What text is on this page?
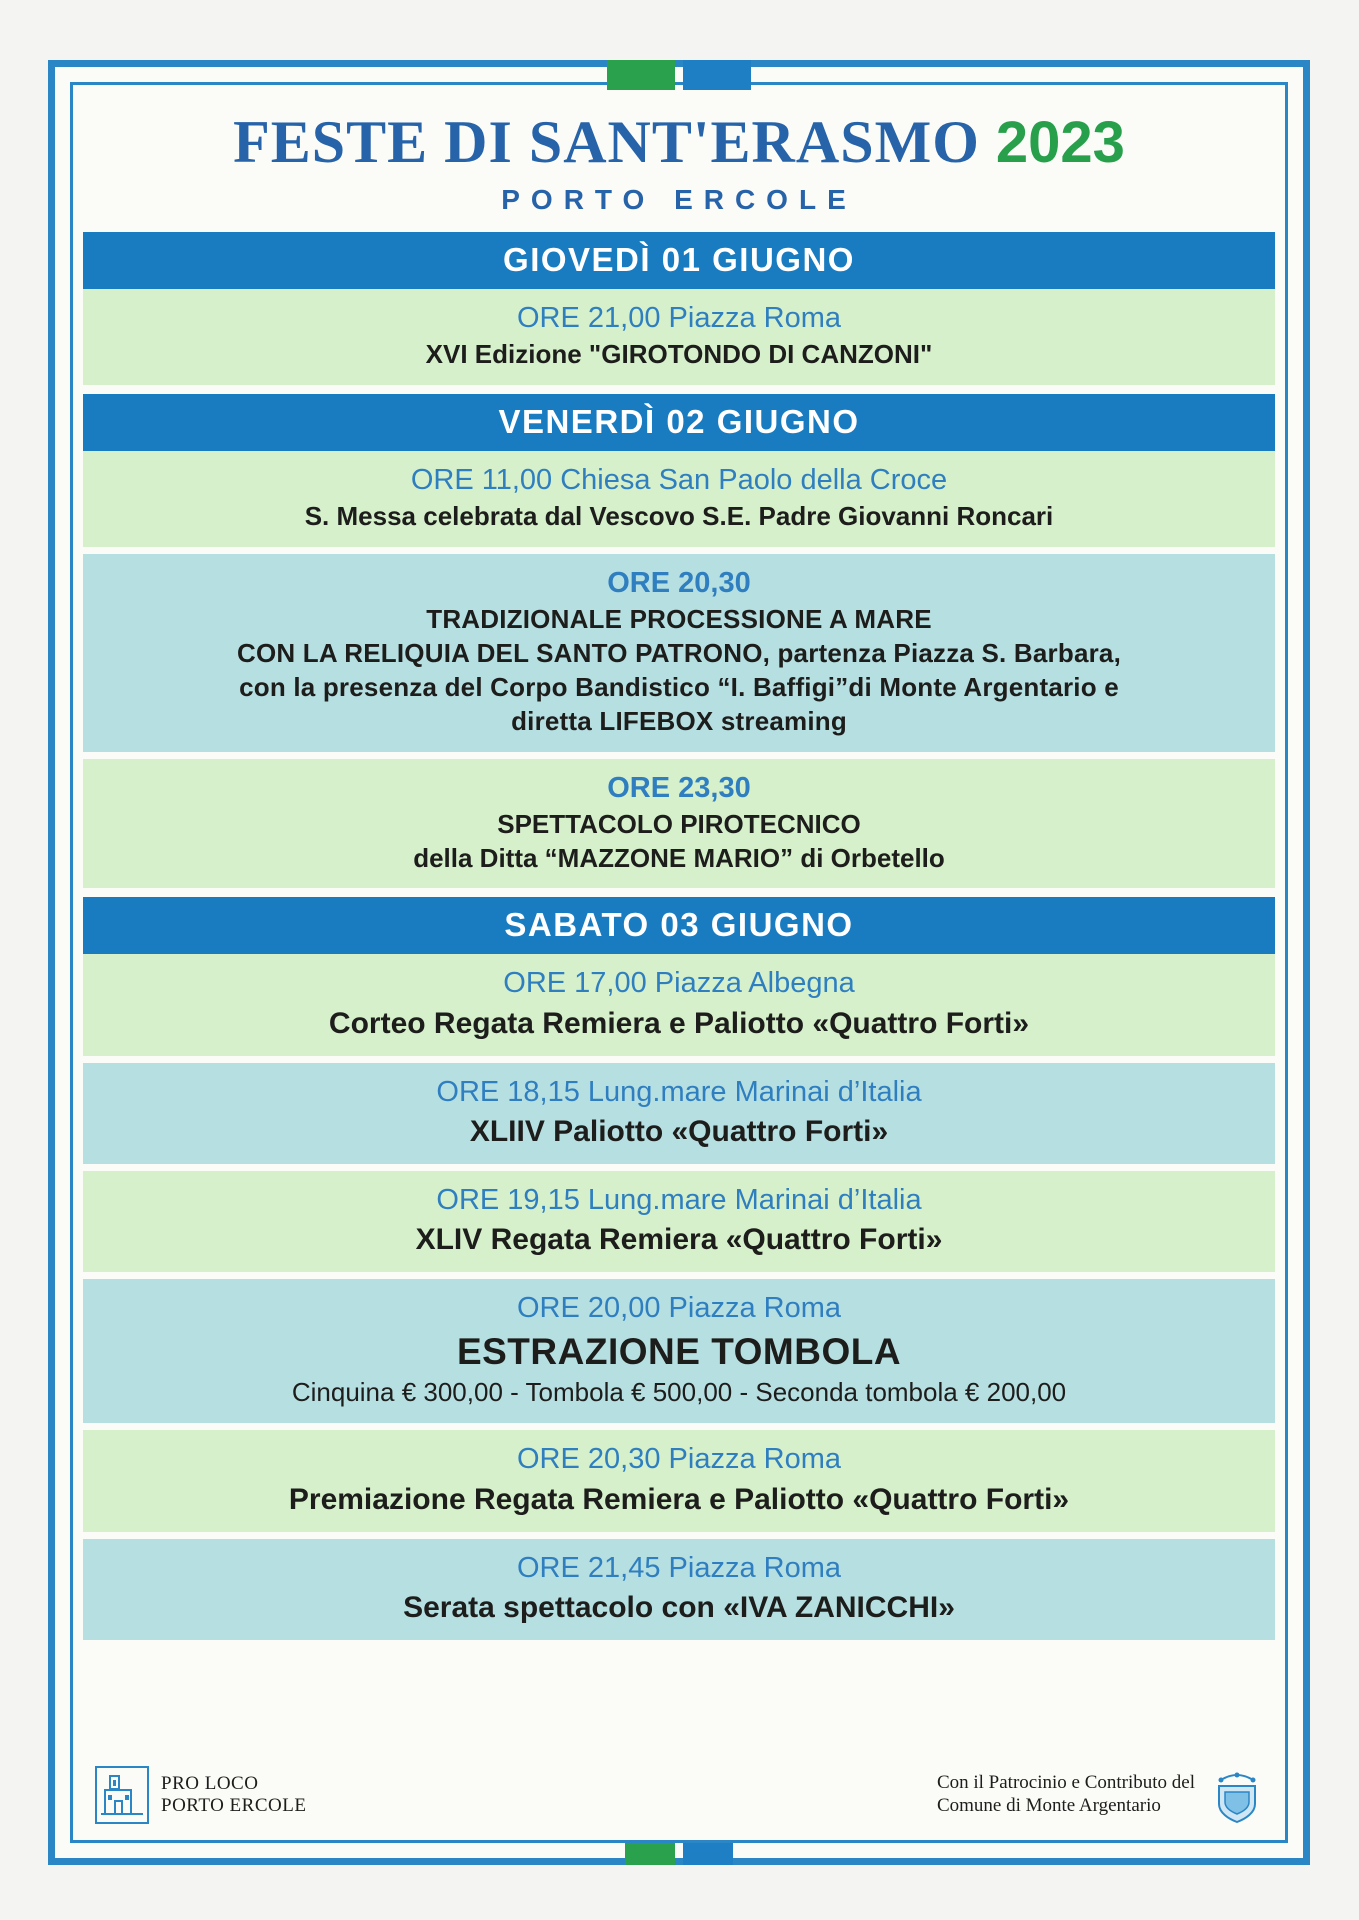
FESTE DI SANT'ERASMO 2023
PORTO ERCOLE
GIOVEDÌ 01 GIUGNO
ORE 21,00 Piazza Roma
XVI Edizione "GIROTONDO DI CANZONI"
VENERDÌ 02 GIUGNO
ORE 11,00 Chiesa San Paolo della Croce
S. Messa celebrata dal Vescovo S.E. Padre Giovanni Roncari
ORE 20,30
TRADIZIONALE PROCESSIONE A MARE
CON LA RELIQUIA DEL SANTO PATRONO, partenza Piazza S. Barbara,
con la presenza del Corpo Bandistico “I. Baffigi”di Monte Argentario e
diretta LIFEBOX streaming
ORE 23,30
SPETTACOLO PIROTECNICO
della Ditta “MAZZONE MARIO” di Orbetello
SABATO 03 GIUGNO
ORE 17,00 Piazza Albegna
Corteo Regata Remiera e Paliotto «Quattro Forti»
ORE 18,15 Lung.mare Marinai d’Italia
XLIIV Paliotto «Quattro Forti»
ORE 19,15 Lung.mare Marinai d’Italia
XLIV Regata Remiera «Quattro Forti»
ORE 20,00 Piazza Roma
ESTRAZIONE TOMBOLA
Cinquina € 300,00 - Tombola € 500,00 - Seconda tombola € 200,00
ORE 20,30 Piazza Roma
Premiazione Regata Remiera e Paliotto «Quattro Forti»
ORE 21,45 Piazza Roma
Serata spettacolo con «IVA ZANICCHI»
PRO LOCO
PORTO ERCOLE
Con il Patrocinio e Contributo del
Comune di Monte Argentario
